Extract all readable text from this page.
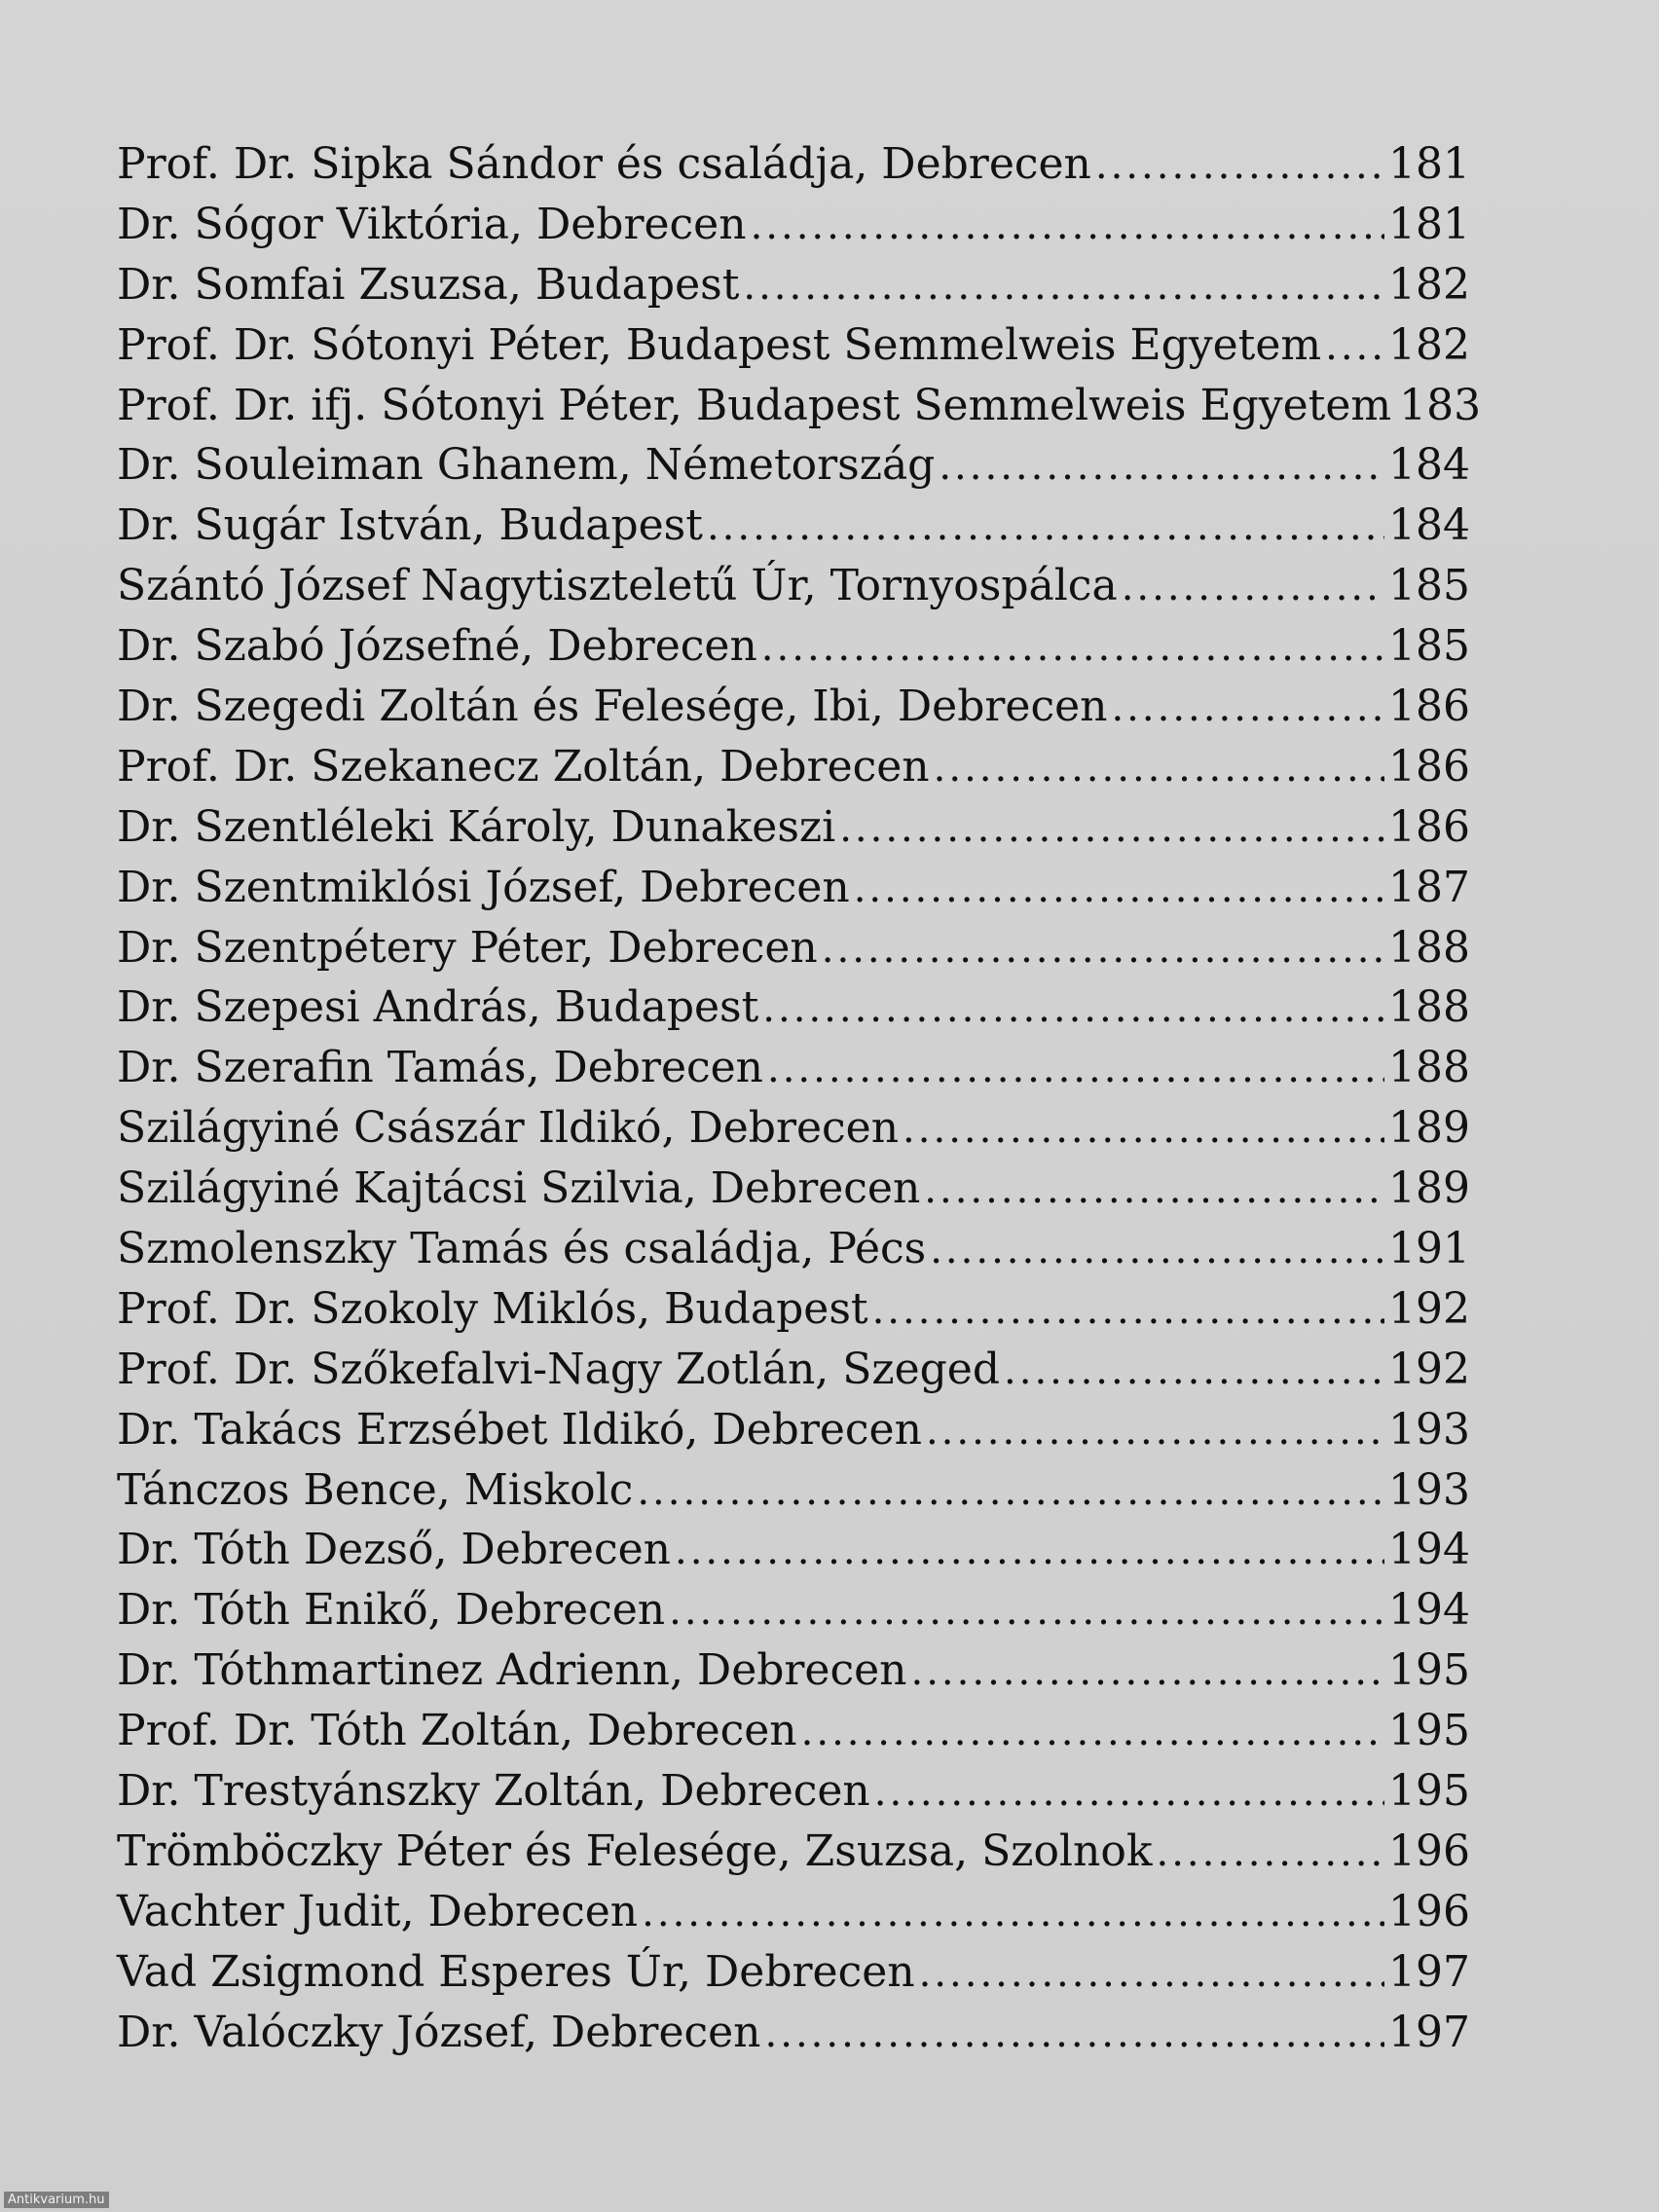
Prof. Dr. Sipka Sándor és családja, Debrecen .....	181
Dr. Sógor Viktória, Debrecen .....	181
Dr. Somfai Zsuzsa, Budapest .....	182
Prof. Dr. Sótonyi Péter, Budapest Semmelweis Egyetem ..... 182
Prof. Dr. ifj. Sótonyi Péter, Budapest Semmelweis Egyetem 183
Dr. Souleiman Ghanem, Németország .....	184
Dr. Sugár István, Budapest .....	184
Szántó József Nagytiszteletű Úr, Tornyospálca .....	185
Dr. Szabó Józsefné, Debrecen .....	185
Dr. Szegedi Zoltán és Felesége, Ibi, Debrecen .....	186
Prof. Dr. Szekanecz Zoltán, Debrecen .....	186
Dr. Szentléleki Károly, Dunakeszi .....	186
Dr. Szentmiklósi József, Debrecen .....	187
Dr. Szentpétery Péter, Debrecen .....	188
Dr. Szepesi András, Budapest .....	188
Dr. Szerafin Tamás, Debrecen .....	188
Szilágyiné Császár Ildikó, Debrecen .....	189
Szilágyiné Kajtácsi Szilvia, Debrecen .....	189
Szmolenszky Tamás és családja, Pécs .....	191
Prof. Dr. Szokoly Miklós, Budapest .....	192
Prof. Dr. Szőkefalvi-Nagy Zotlán, Szeged .....	192
Dr. Takács Erzsébet Ildikó, Debrecen .....	193
Tánczos Bence, Miskolc .....	193
Dr. Tóth Dezső, Debrecen .....	194
Dr. Tóth Enikő, Debrecen .....	194
Dr. Tóthmartinez Adrienn, Debrecen .....	195
Prof. Dr. Tóth Zoltán, Debrecen .....	195
Dr. Trestyánszky Zoltán, Debrecen .....	195
Trömböczky Péter és Felesége, Zsuzsa, Szolnok .....	196
Vachter Judit, Debrecen .....	196
Vad Zsigmond Esperes Úr, Debrecen .....	197
Dr. Valóczky József, Debrecen .....	197
Antikvarium.hu
